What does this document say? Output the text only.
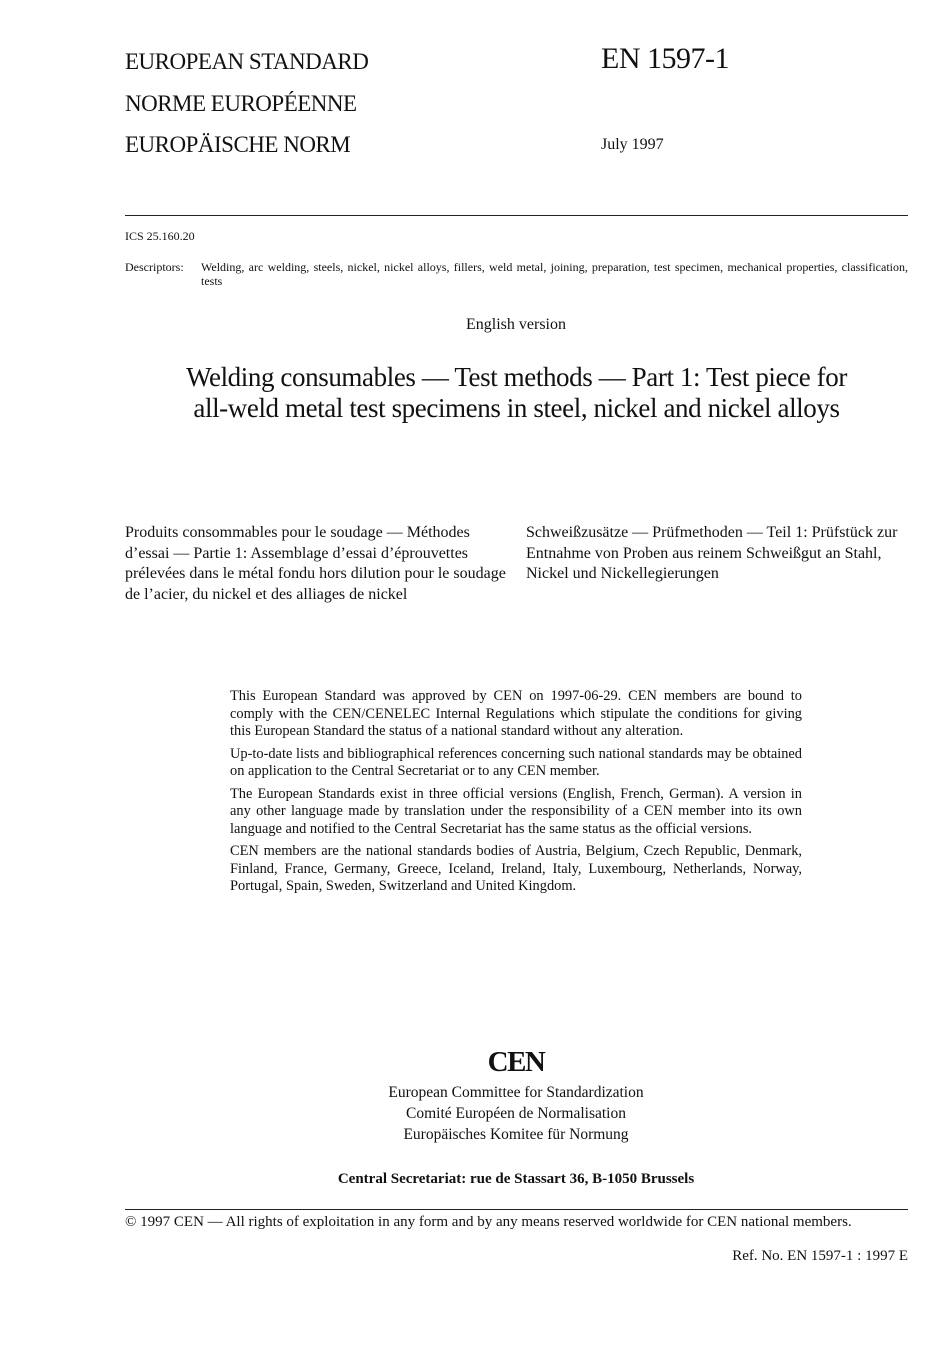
EUROPEAN STANDARD
NORME EUROPÉENNE
EUROPÄISCHE NORM
EN 1597-1
July 1997
ICS 25.160.20
Descriptors: Welding, arc welding, steels, nickel, nickel alloys, fillers, weld metal, joining, preparation, test specimen, mechanical properties, classification, tests
English version
Welding consumables — Test methods — Part 1: Test piece for
all-weld metal test specimens in steel, nickel and nickel alloys
Produits consommables pour le soudage — Méthodes d’essai — Partie 1: Assemblage d’essai d’éprouvettes prélevées dans le métal fondu hors dilution pour le soudage de l’acier, du nickel et des alliages de nickel
Schweißzusätze — Prüfmethoden — Teil 1: Prüfstück zur Entnahme von Proben aus reinem Schweißgut an Stahl, Nickel und Nickellegierungen

This European Standard was approved by CEN on 1997-06-29. CEN members are bound to comply with the CEN/CENELEC Internal Regulations which stipulate the conditions for giving this European Standard the status of a national standard without any alteration.

Up-to-date lists and bibliographical references concerning such national standards may be obtained on application to the Central Secretariat or to any CEN member.

The European Standards exist in three official versions (English, French, German). A version in any other language made by translation under the responsibility of a CEN member into its own language and notified to the Central Secretariat has the same status as the official versions.

CEN members are the national standards bodies of Austria, Belgium, Czech Republic, Denmark, Finland, France, Germany, Greece, Iceland, Ireland, Italy, Luxembourg, Netherlands, Norway, Portugal, Spain, Sweden, Switzerland and United Kingdom.

CEN
European Committee for Standardization
Comité Européen de Normalisation
Europäisches Komitee für Normung
Central Secretariat: rue de Stassart 36, B-1050 Brussels
© 1997 CEN — All rights of exploitation in any form and by any means reserved worldwide for CEN national members.
Ref. No. EN 1597-1 : 1997 E
